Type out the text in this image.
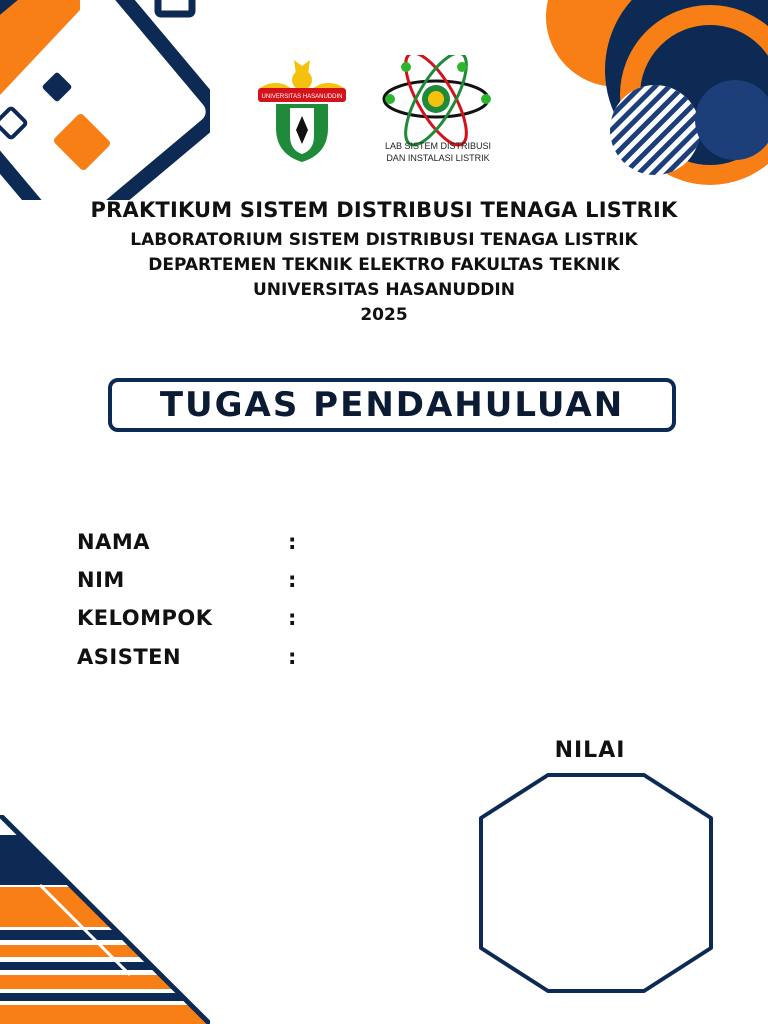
UNIVERSITAS HASANUDDIN
LAB SISTEM DISTRIBUSI
DAN INSTALASI LISTRIK
PRAKTIKUM SISTEM DISTRIBUSI TENAGA LISTRIK
LABORATORIUM SISTEM DISTRIBUSI TENAGA LISTRIK
DEPARTEMEN TEKNIK ELEKTRO FAKULTAS TEKNIK
UNIVERSITAS HASANUDDIN
2025
TUGAS PENDAHULUAN
NAMA	:
NIM	:
KELOMPOK	:
ASISTEN	:
NILAI
